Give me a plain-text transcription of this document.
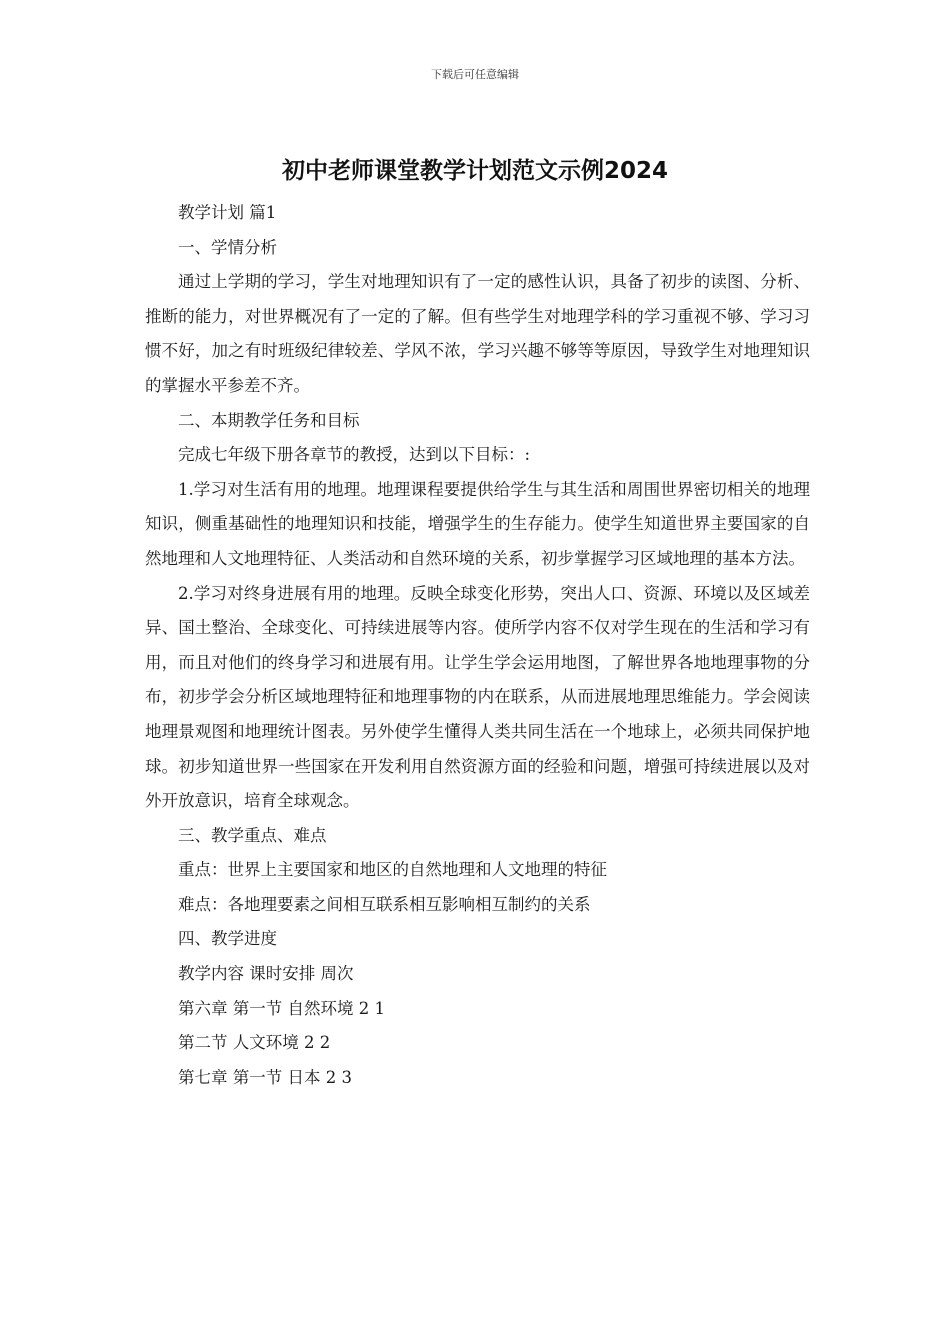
下载后可任意编辑
初中老师课堂教学计划范文示例2024

教学计划 篇1

一、学情分析

通过上学期的学习，学生对地理知识有了一定的感性认识，具备了初步的读图、分析、推断的能力，对世界概况有了一定的了解。但有些学生对地理学科的学习重视不够、学习习惯不好，加之有时班级纪律较差、学风不浓，学习兴趣不够等等原因，导致学生对地理知识的掌握水平参差不齐。

二、本期教学任务和目标

完成七年级下册各章节的教授，达到以下目标：:

1.学习对生活有用的地理。地理课程要提供给学生与其生活和周围世界密切相关的地理知识，侧重基础性的地理知识和技能，增强学生的生存能力。使学生知道世界主要国家的自然地理和人文地理特征、人类活动和自然环境的关系，初步掌握学习区域地理的基本方法。

2.学习对终身进展有用的地理。反映全球变化形势，突出人口、资源、环境以及区域差异、国土整治、全球变化、可持续进展等内容。使所学内容不仅对学生现在的生活和学习有用，而且对他们的终身学习和进展有用。让学生学会运用地图，了解世界各地地理事物的分布，初步学会分析区域地理特征和地理事物的内在联系，从而进展地理思维能力。学会阅读地理景观图和地理统计图表。另外使学生懂得人类共同生活在一个地球上，必须共同保护地球。初步知道世界一些国家在开发利用自然资源方面的经验和问题，增强可持续进展以及对外开放意识，培育全球观念。

三、教学重点、难点

重点：世界上主要国家和地区的自然地理和人文地理的特征

难点：各地理要素之间相互联系相互影响相互制约的关系

四、教学进度

教学内容 课时安排 周次

第六章 第一节 自然环境 2 1

第二节 人文环境 2 2

第七章 第一节 日本 2 3
